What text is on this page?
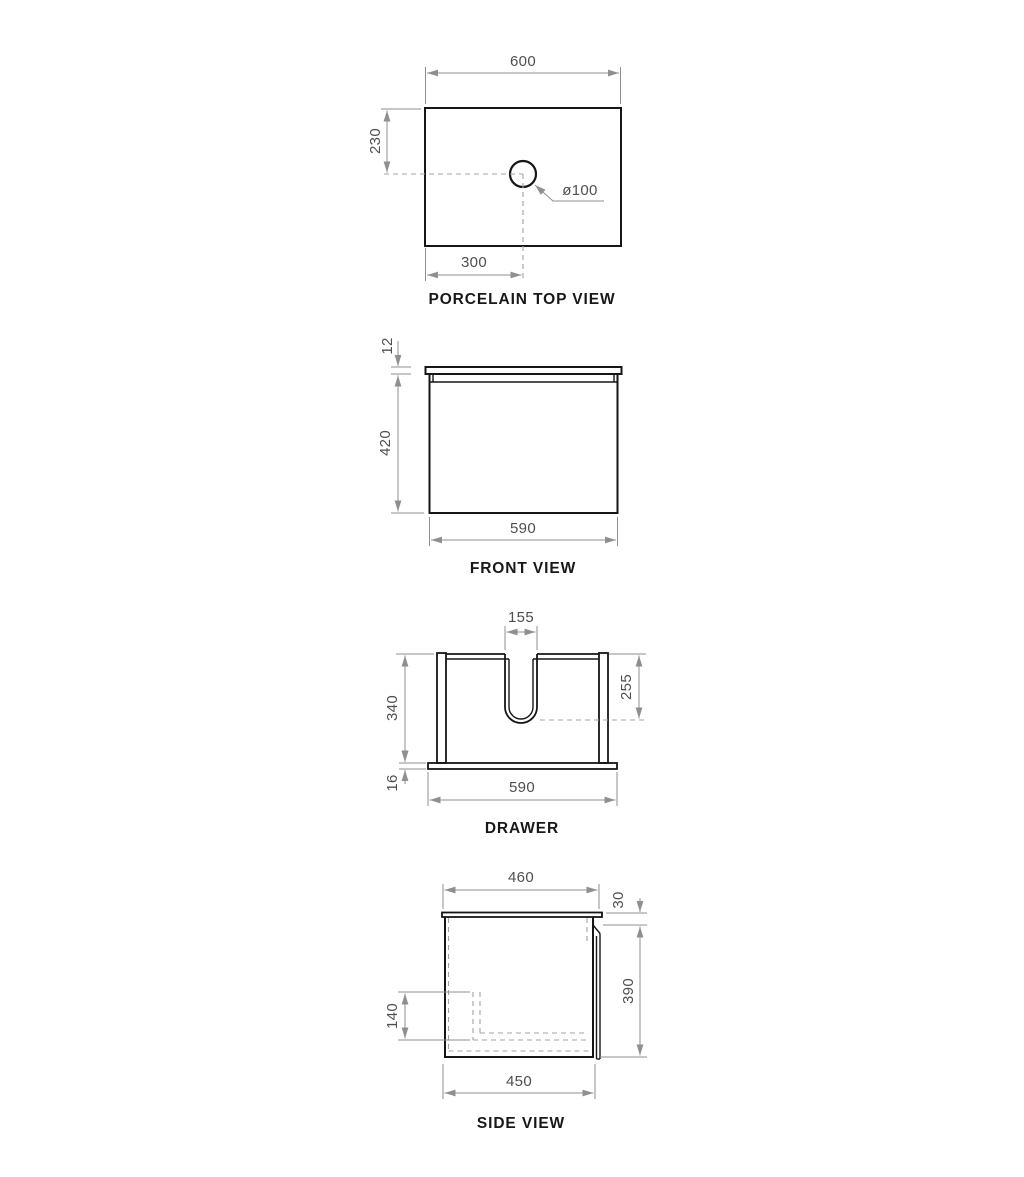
600
230
300
ø100
PORCELAIN TOP VIEW
12
420
590
FRONT VIEW
155
340
255
16	590
DRAWER
460
30
390
140
450
SIDE VIEW
